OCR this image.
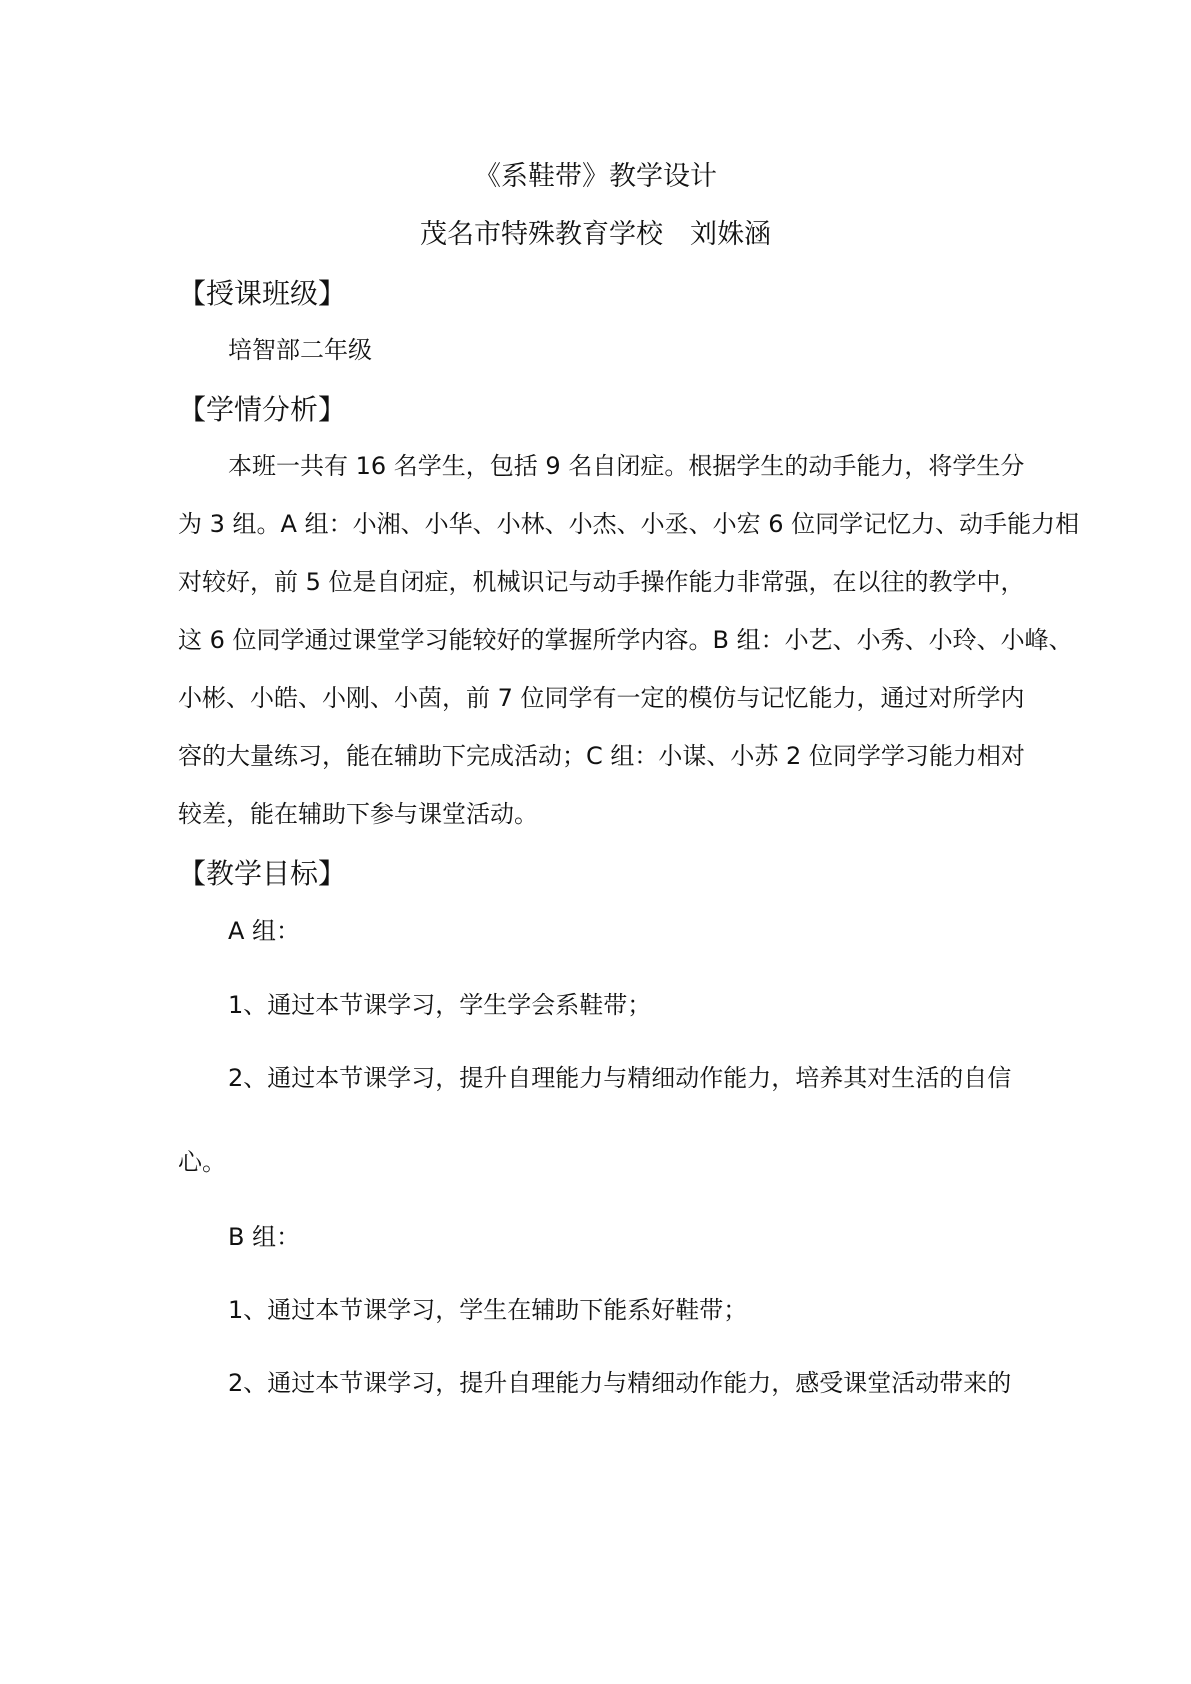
《系鞋带》教学设计
茂名市特殊教育学校　刘姝涵
【授课班级】
培智部二年级
【学情分析】
本班一共有 16 名学生，包括 9 名自闭症。根据学生的动手能力，将学生分
为 3 组。A 组：小湘、小华、小林、小杰、小丞、小宏 6 位同学记忆力、动手能力相
对较好，前 5 位是自闭症，机械识记与动手操作能力非常强，在以往的教学中，
这 6 位同学通过课堂学习能较好的掌握所学内容。B 组：小艺、小秀、小玲、小峰、
小彬、小皓、小刚、小茵，前 7 位同学有一定的模仿与记忆能力，通过对所学内
容的大量练习，能在辅助下完成活动；C 组：小谋、小苏 2 位同学学习能力相对
较差，能在辅助下参与课堂活动。
【教学目标】
A 组：
1、通过本节课学习，学生学会系鞋带；
2、通过本节课学习，提升自理能力与精细动作能力，培养其对生活的自信
心。
B 组：
1、通过本节课学习，学生在辅助下能系好鞋带；
2、通过本节课学习，提升自理能力与精细动作能力，感受课堂活动带来的
